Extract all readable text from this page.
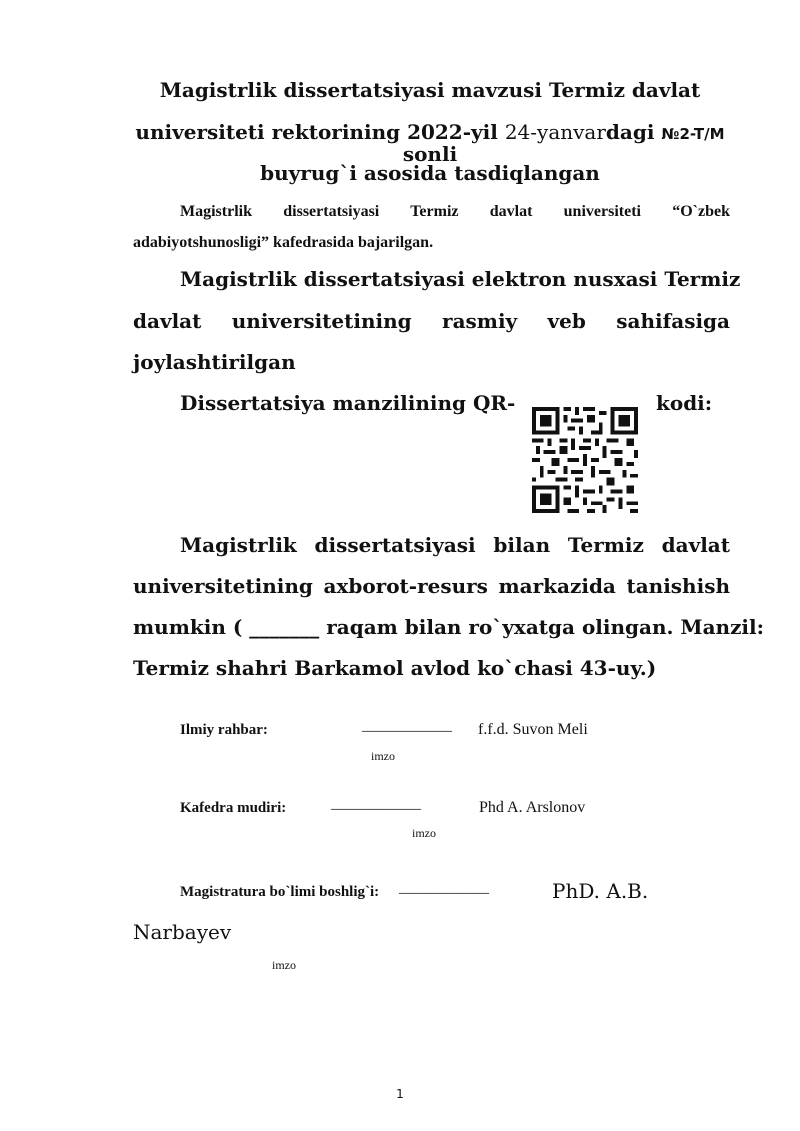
Magistrlik dissertatsiyasi mavzusi Termiz davlat
universiteti rektorining 2022-yil 24-yanvardagi №2-T/M sonli
buyrug`i asosida tasdiqlangan
Magistrlik dissertatsiyasi Termiz davlat universiteti “O`zbek
adabiyotshunosligi” kafedrasida bajarilgan.
Magistrlik dissertatsiyasi elektron nusxasi Termiz
davlat universitetining rasmiy veb sahifasiga
joylashtirilgan
Dissertatsiya manzilining QR-	kodi:
Magistrlik dissertatsiyasi bilan Termiz davlat
universitetining axborot-resurs markazida tanishish
mumkin ( _______ raqam bilan ro`yxatga olingan. Manzil:
Termiz shahri Barkamol avlod ko`chasi 43-uy.)
Ilmiy rahbar:	____________ f.f.d. Suvon Meli
imzo
Kafedra mudiri:	____________	Phd A. Arslonov
imzo
Magistratura bo`limi boshlig`i: ____________	PhD. A.B.
Narbayev
imzo
1
